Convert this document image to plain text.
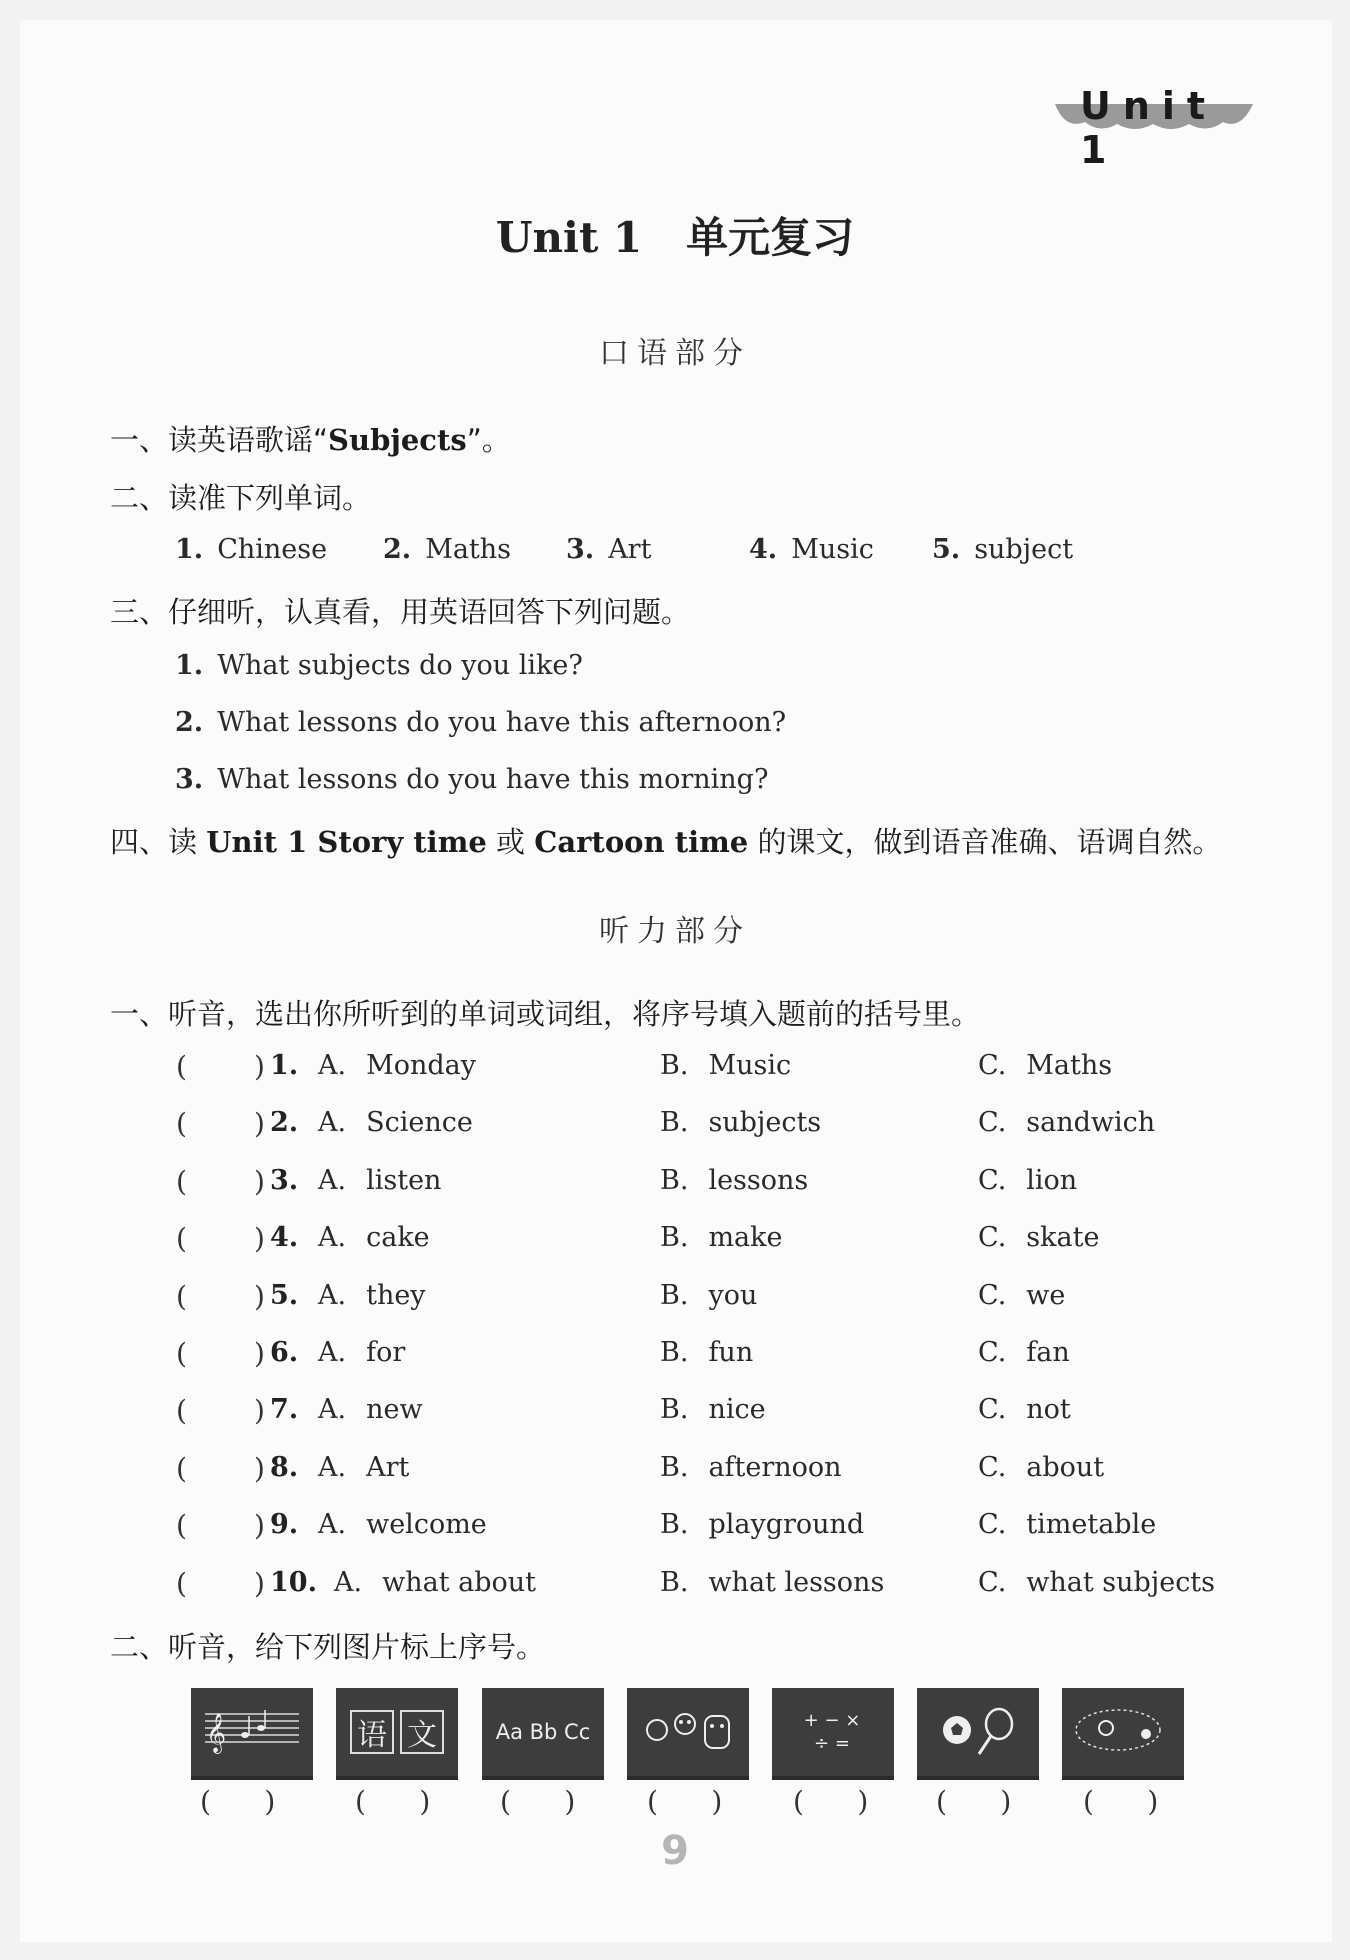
Unit 1
Unit 1   单元复习
口语部分
一、读英语歌谣“Subjects”。
二、读准下列单词。
1. Chinese 2. Maths 3. Art	4. Music 5. subject
三、仔细听，认真看，用英语回答下列问题。
1. What subjects do you like?
2. What lessons do you have this afternoon?
3. What lessons do you have this morning?
四、读 Unit 1 Story time 或 Cartoon time 的课文，做到语音准确、语调自然。
听力部分
一、听音，选出你所听到的单词或词组，将序号填入题前的括号里。
( ) 1. A. Monday	B. Music	C. Maths
( ) 2. A. Science	B. subjects	C. sandwich
( ) 3. A. listen	B. lessons	C. lion
( ) 4. A. cake	B. make	C. skate
( ) 5. A. they	B. you	C. we
( ) 6. A. for	B. fun	C. fan
( ) 7. A. new	B. nice	C. not
( ) 8. A. Art	B. afternoon	C. about
( ) 9. A. welcome	B. playground	C. timetable
( ) 10. A. what about	B. what lessons	C. what subjects
二、听音，给下列图片标上序号。
𝄞	语 文	Aa Bb Cc	+ − × ÷ =
(      )	(      ) (      )	(      )	(      ) (      )	(      )
9
